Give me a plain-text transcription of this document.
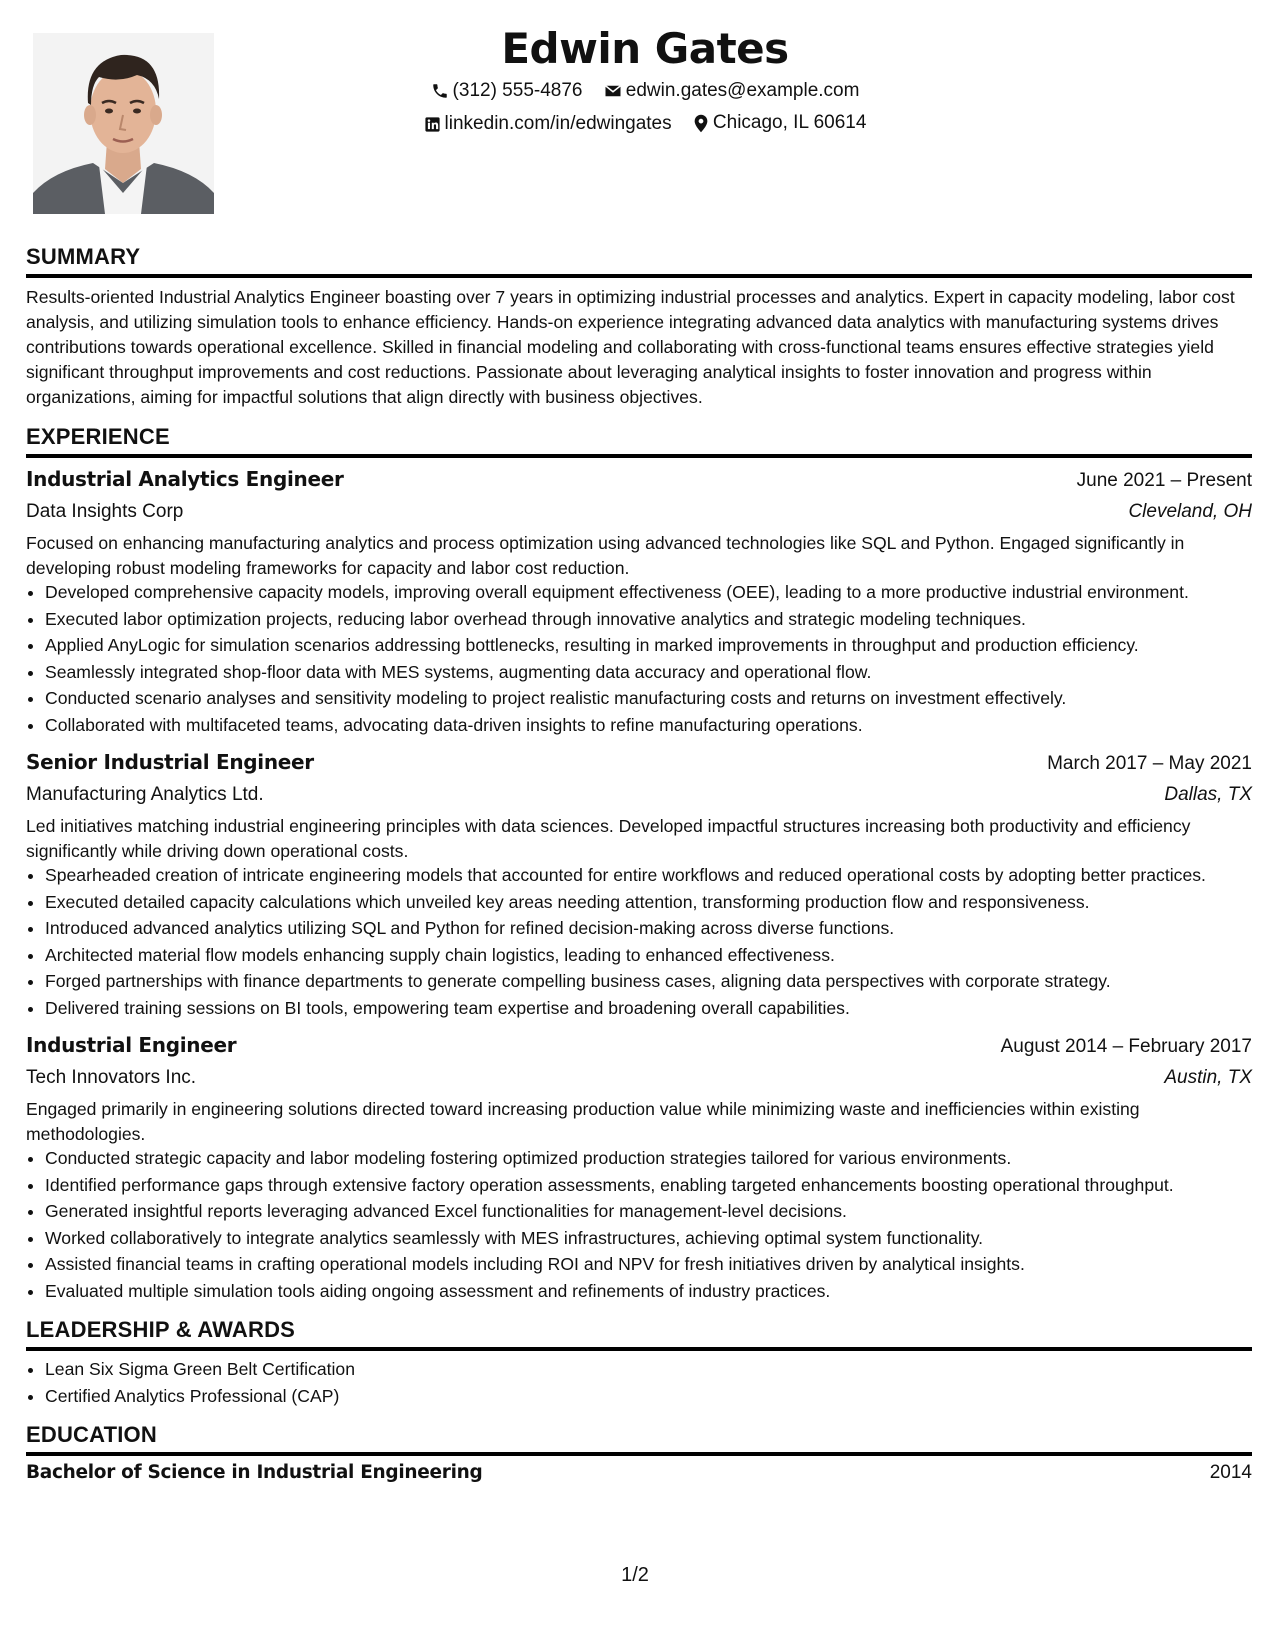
Edwin Gates
(312) 555-4876
edwin.gates@example.com
linkedin.com/in/edwingates
Chicago, IL 60614
SUMMARY

Results-oriented Industrial Analytics Engineer boasting over 7 years in optimizing industrial processes and analytics. Expert in capacity modeling, labor cost analysis, and utilizing simulation tools to enhance efficiency. Hands-on experience integrating advanced data analytics with manufacturing systems drives contributions towards operational excellence. Skilled in financial modeling and collaborating with cross-functional teams ensures effective strategies yield significant throughput improvements and cost reductions. Passionate about leveraging analytical insights to foster innovation and progress within organizations, aiming for impactful solutions that align directly with business objectives.

EXPERIENCE
Industrial Analytics Engineer	June 2021 – Present
Data Insights Corp	Cleveland, OH

Focused on enhancing manufacturing analytics and process optimization using advanced technologies like SQL and Python. Engaged significantly in developing robust modeling frameworks for capacity and labor cost reduction.

• Developed comprehensive capacity models, improving overall equipment effectiveness (OEE), leading to a more productive industrial environment.
• Executed labor optimization projects, reducing labor overhead through innovative analytics and strategic modeling techniques.
• Applied AnyLogic for simulation scenarios addressing bottlenecks, resulting in marked improvements in throughput and production efficiency.
• Seamlessly integrated shop-floor data with MES systems, augmenting data accuracy and operational flow.
• Conducted scenario analyses and sensitivity modeling to project realistic manufacturing costs and returns on investment effectively.
• Collaborated with multifaceted teams, advocating data-driven insights to refine manufacturing operations.
Senior Industrial Engineer	March 2017 – May 2021
Manufacturing Analytics Ltd.	Dallas, TX

Led initiatives matching industrial engineering principles with data sciences. Developed impactful structures increasing both productivity and efficiency significantly while driving down operational costs.

• Spearheaded creation of intricate engineering models that accounted for entire workflows and reduced operational costs by adopting better practices.
• Executed detailed capacity calculations which unveiled key areas needing attention, transforming production flow and responsiveness.
• Introduced advanced analytics utilizing SQL and Python for refined decision-making across diverse functions.
• Architected material flow models enhancing supply chain logistics, leading to enhanced effectiveness.
• Forged partnerships with finance departments to generate compelling business cases, aligning data perspectives with corporate strategy.
• Delivered training sessions on BI tools, empowering team expertise and broadening overall capabilities.
Industrial Engineer	August 2014 – February 2017
Tech Innovators Inc.	Austin, TX

Engaged primarily in engineering solutions directed toward increasing production value while minimizing waste and inefficiencies within existing methodologies.

• Conducted strategic capacity and labor modeling fostering optimized production strategies tailored for various environments.
• Identified performance gaps through extensive factory operation assessments, enabling targeted enhancements boosting operational throughput.
• Generated insightful reports leveraging advanced Excel functionalities for management-level decisions.
• Worked collaboratively to integrate analytics seamlessly with MES infrastructures, achieving optimal system functionality.
• Assisted financial teams in crafting operational models including ROI and NPV for fresh initiatives driven by analytical insights.
• Evaluated multiple simulation tools aiding ongoing assessment and refinements of industry practices.
LEADERSHIP & AWARDS
• Lean Six Sigma Green Belt Certification
• Certified Analytics Professional (CAP)
EDUCATION
Bachelor of Science in Industrial Engineering	2014
1/2
